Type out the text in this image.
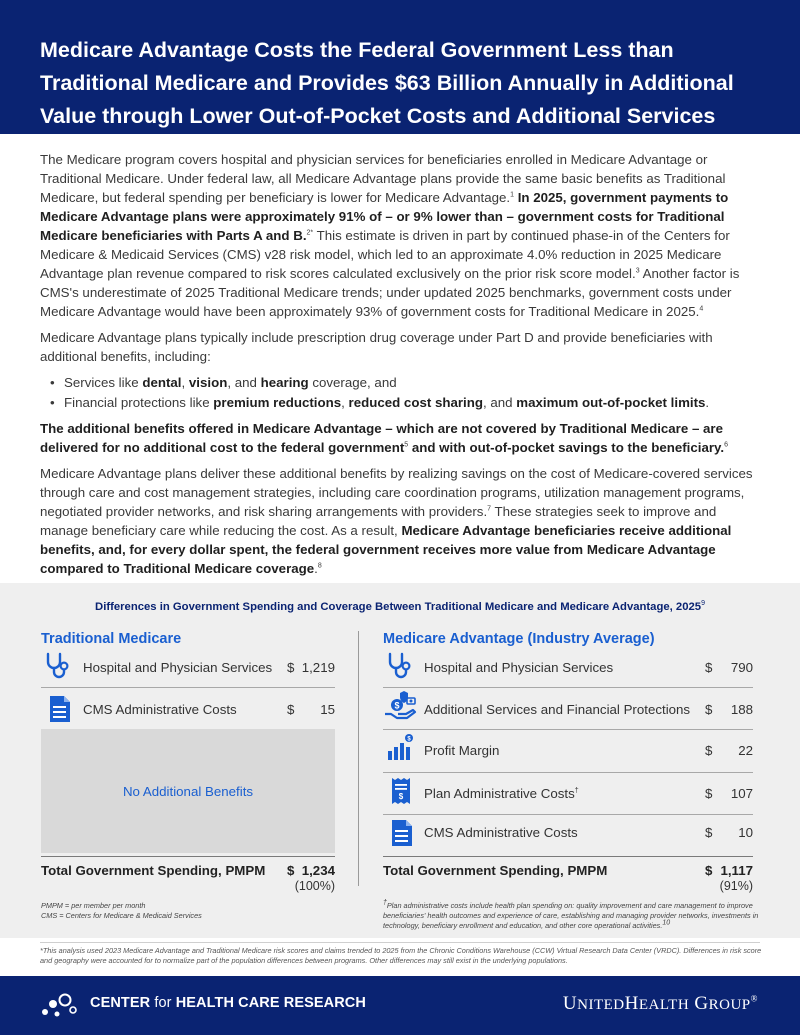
Medicare Advantage Costs the Federal Government Less than Traditional Medicare and Provides $63 Billion Annually in Additional Value through Lower Out-of-Pocket Costs and Additional Services

The Medicare program covers hospital and physician services for beneficiaries enrolled in Medicare Advantage or Traditional Medicare. Under federal law, all Medicare Advantage plans provide the same basic benefits as Traditional Medicare, but federal spending per beneficiary is lower for Medicare Advantage.$^1$ In 2025, government payments to Medicare Advantage plans were approximately 91% of – or 9% lower than – government costs for Traditional Medicare beneficiaries with Parts A and B.$^{2*}$ This estimate is driven in part by continued phase-in of the Centers for Medicare & Medicaid Services (CMS) v28 risk model, which led to an approximate 4.0% reduction in 2025 Medicare Advantage plan revenue compared to risk scores calculated exclusively on the prior risk score model.$^3$ Another factor is CMS's underestimate of 2025 Traditional Medicare trends; under updated 2025 benchmarks, government costs under Medicare Advantage would have been approximately 93% of government costs for Traditional Medicare in 2025.$^4$

Medicare Advantage plans typically include prescription drug coverage under Part D and provide beneficiaries with additional benefits, including:

• Services like dental, vision, and hearing coverage, and
• Financial protections like premium reductions, reduced cost sharing, and maximum out-of-pocket limits.

The additional benefits offered in Medicare Advantage – which are not covered by Traditional Medicare – are delivered for no additional cost to the federal government$^5$ and with out-of-pocket savings to the beneficiary.$^6$

Medicare Advantage plans deliver these additional benefits by realizing savings on the cost of Medicare-covered services through care and cost management strategies, including care coordination programs, utilization management programs, negotiated provider networks, and risk sharing arrangements with providers.$^7$ These strategies seek to improve and manage beneficiary care while reducing the cost. As a result, Medicare Advantage beneficiaries receive additional benefits, and, for every dollar spent, the federal government receives more value from Medicare Advantage compared to Traditional Medicare coverage.$^8$

Differences in Government Spending and Coverage Between Traditional Medicare and Medicare Advantage, 2025$^9$
Traditional Medicare
Hospital and Physician Services $ 1,219
CMS Administrative Costs	$	15
No Additional Benefits
Total Government Spending, PMPM $ 1,234
(100%)
PMPM = per member per month
CMS = Centers for Medicare & Medicaid Services
Medicare Advantage (Industry Average)
Hospital and Physician Services	$	790
$ Additional Services and Financial Protections $	188
$
Profit Margin	$	22
$ Plan Administrative Costs†	$	107
CMS Administrative Costs	$	10
Total Government Spending, PMPM	$ 1,117
(91%)
†Plan administrative costs include health plan spending on: quality improvement and care management to improve beneficiaries' health outcomes and experience of care, establishing and managing provider networks, investments in technology, beneficiary enrollment and education, and other core operational activities.$^{10}$
*This analysis used 2023 Medicare Advantage and Traditional Medicare risk scores and claims trended to 2025 from the Chronic Conditions Warehouse (CCW) Virtual Research Data Center (VRDC). Differences in risk score and geography were accounted for to normalize part of the population differences between programs. Other differences may still exist in the underlying populations.
CENTER for HEALTH CARE RESEARCH	UNITEDHEALTH GROUP®
